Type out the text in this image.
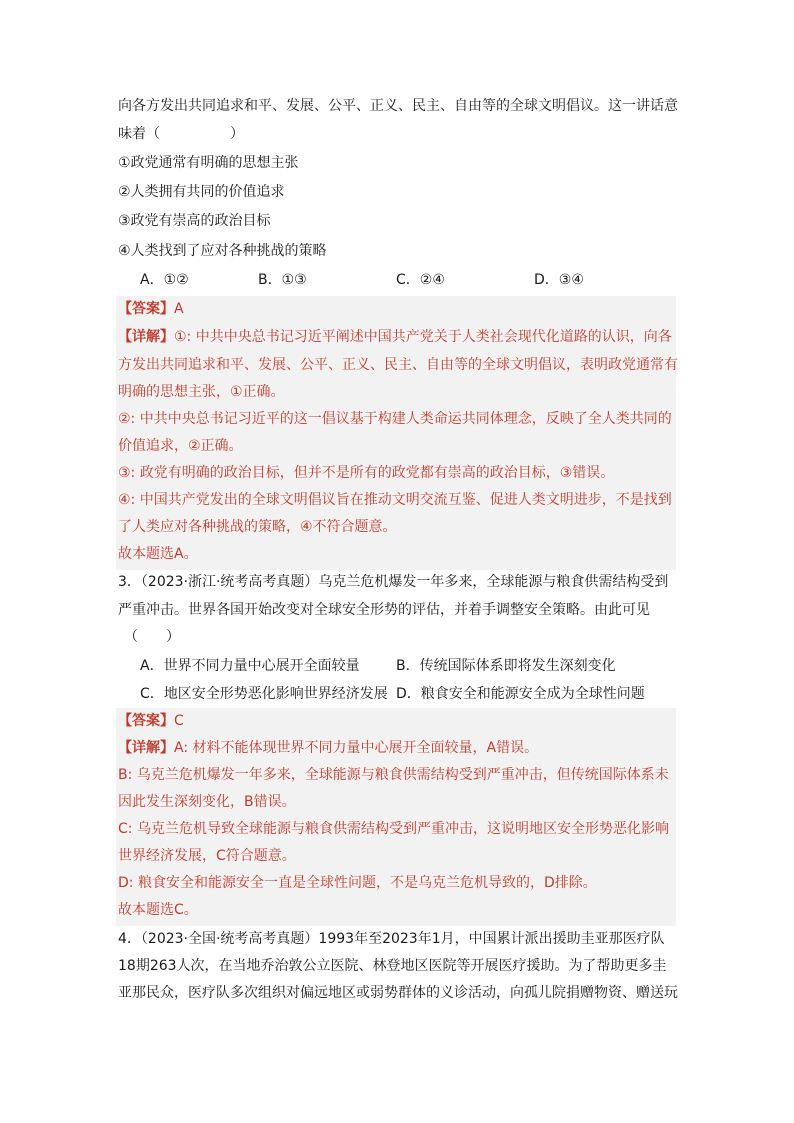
向各方发出共同追求和平、发展、公平、正义、民主、自由等的全球文明倡议。这一讲话意
味着（　　　　　）
①政党通常有明确的思想主张
②人类拥有共同的价值追求
③政党有崇高的政治目标
④人类找到了应对各种挑战的策略
A．①②	B．①③	C．②④	D．③④
【答案】A
【详解】①: 中共中央总书记习近平阐述中国共产党关于人类社会现代化道路的认识，向各
方发出共同追求和平、发展、公平、正义、民主、自由等的全球文明倡议，表明政党通常有
明确的思想主张，①正确。
②: 中共中央总书记习近平的这一倡议基于构建人类命运共同体理念，反映了全人类共同的
价值追求，②正确。
③: 政党有明确的政治目标，但并不是所有的政党都有崇高的政治目标，③错误。
④: 中国共产党发出的全球文明倡议旨在推动文明交流互鉴、促进人类文明进步，不是找到
了人类应对各种挑战的策略，④不符合题意。
故本题选A。
3．（2023·浙江·统考高考真题）乌克兰危机爆发一年多来，全球能源与粮食供需结构受到
严重冲击。世界各国开始改变对全球安全形势的评估，并着手调整安全策略。由此可见
（　　）
A．世界不同力量中心展开全面较量	B．传统国际体系即将发生深刻变化
C．地区安全形势恶化影响世界经济发展 D．粮食安全和能源安全成为全球性问题
【答案】C
【详解】A: 材料不能体现世界不同力量中心展开全面较量，A错误。
B: 乌克兰危机爆发一年多来，全球能源与粮食供需结构受到严重冲击，但传统国际体系未
因此发生深刻变化，B错误。
C: 乌克兰危机导致全球能源与粮食供需结构受到严重冲击，这说明地区安全形势恶化影响
世界经济发展，C符合题意。
D: 粮食安全和能源安全一直是全球性问题，不是乌克兰危机导致的，D排除。
故本题选C。
4．（2023·全国·统考高考真题）1993年至2023年1月，中国累计派出援助圭亚那医疗队
18期263人次，在当地乔治敦公立医院、林登地区医院等开展医疗援助。为了帮助更多圭
亚那民众，医疗队多次组织对偏远地区或弱势群体的义诊活动，向孤儿院捐赠物资、赠送玩
